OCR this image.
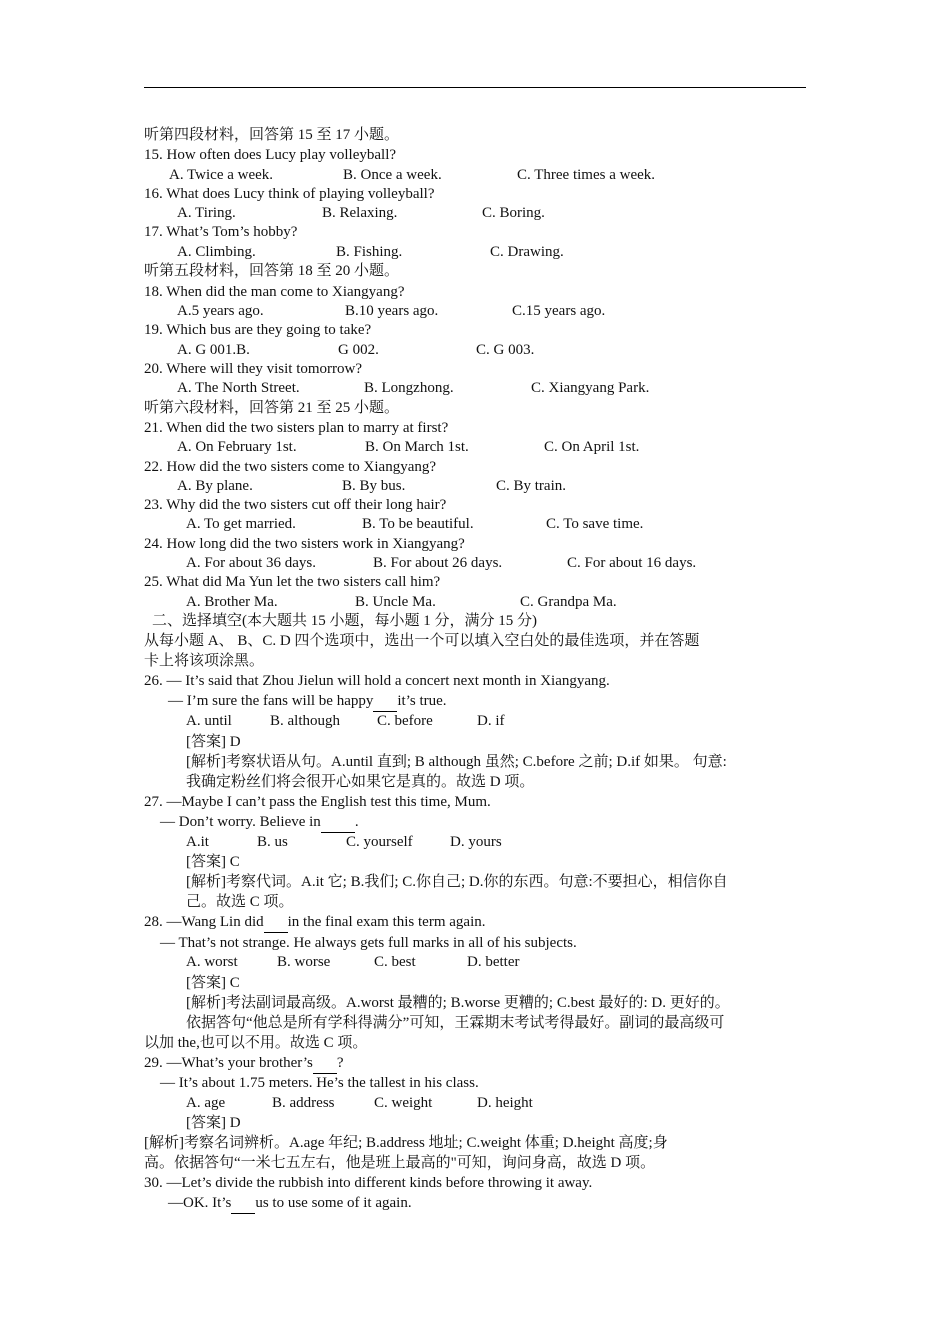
听第四段材料，回答第 15 至 17 小题。
15. How often does Lucy play volleyball?
A. Twice a week.	B. Once a week.	C. Three times a week.
16. What does Lucy think of playing volleyball?
A. Tiring.	B. Relaxing.	C. Boring.
17. What’s Tom’s hobby?
A. Climbing.	B. Fishing.	C. Drawing.
听第五段材料，回答第 18 至 20 小题。
18. When did the man come to Xiangyang?
A.5 years ago.	B.10 years ago.	C.15 years ago.
19. Which bus are they going to take?
A. G 001.B.	G 002.	C. G 003.
20. Where will they visit tomorrow?
A. The North Street.	B. Longzhong.	C. Xiangyang Park.
听第六段材料，回答第 21 至 25 小题。
21. When did the two sisters plan to marry at first?
A. On February 1st.	B. On March 1st.	C. On April 1st.
22. How did the two sisters come to Xiangyang?
A. By plane.	B. By bus.	C. By train.
23. Why did the two sisters cut off their long hair?
A. To get married.	B. To be beautiful.	C. To save time.
24. How long did the two sisters work in Xiangyang?
A. For about 36 days.	B. For about 26 days.	C. For about 16 days.
25. What did Ma Yun let the two sisters call him?
A. Brother Ma.	B. Uncle Ma.	C. Grandpa Ma.
二、选择填空(本大题共 15 小题，每小题 1 分，满分 15 分)
从每小题 A、 B、C. D 四个选项中，选出一个可以填入空白处的最佳选项，并在答题
卡上将该项涂黑。
26. — It’s said that Zhou Jielun will hold a concert next month in Xiangyang.
— I’m sure the fans will be happy it’s true.
A. until	B. although C. before	D. if
[答案] D
[解析]考察状语从句。A.until 直到; B although 虽然; C.before 之前; D.if 如果。 句意:
我确定粉丝们将会很开心如果它是真的。故选 D 项。
27. —Maybe I can’t pass the English test this time, Mum.
— Don’t worry. Believe in .
A.it	B. us	C. yourself D. yours
[答案] C
[解析]考察代词。A.it 它; B.我们; C.你自己; D.你的东西。句意:不要担心，相信你自
己。故选 C 项。
28. —Wang Lin did in the final exam this term again.
— That’s not strange. He always gets full marks in all of his subjects.
A. worst	B. worse	C. best	D. better
[答案] C
[解析]考法副词最高级。A.worst 最糟的; B.worse 更糟的; C.best 最好的: D. 更好的。
依据答句“他总是所有学科得满分”可知，王霖期末考试考得最好。副词的最高级可
以加 the,也可以不用。故选 C 项。
29. —What’s your brother’s ?
— It’s about 1.75 meters. He’s the tallest in his class.
A. age	B. address	C. weight	D. height
[答案] D
[解析]考察名词辨析。A.age 年纪; B.address 地址; C.weight 体重; D.height 高度;身
高。依据答句“一米七五左右，他是班上最高的"可知，询问身高，故选 D 项。
30. —Let’s divide the rubbish into different kinds before throwing it away.
—OK. It’s us to use some of it again.
